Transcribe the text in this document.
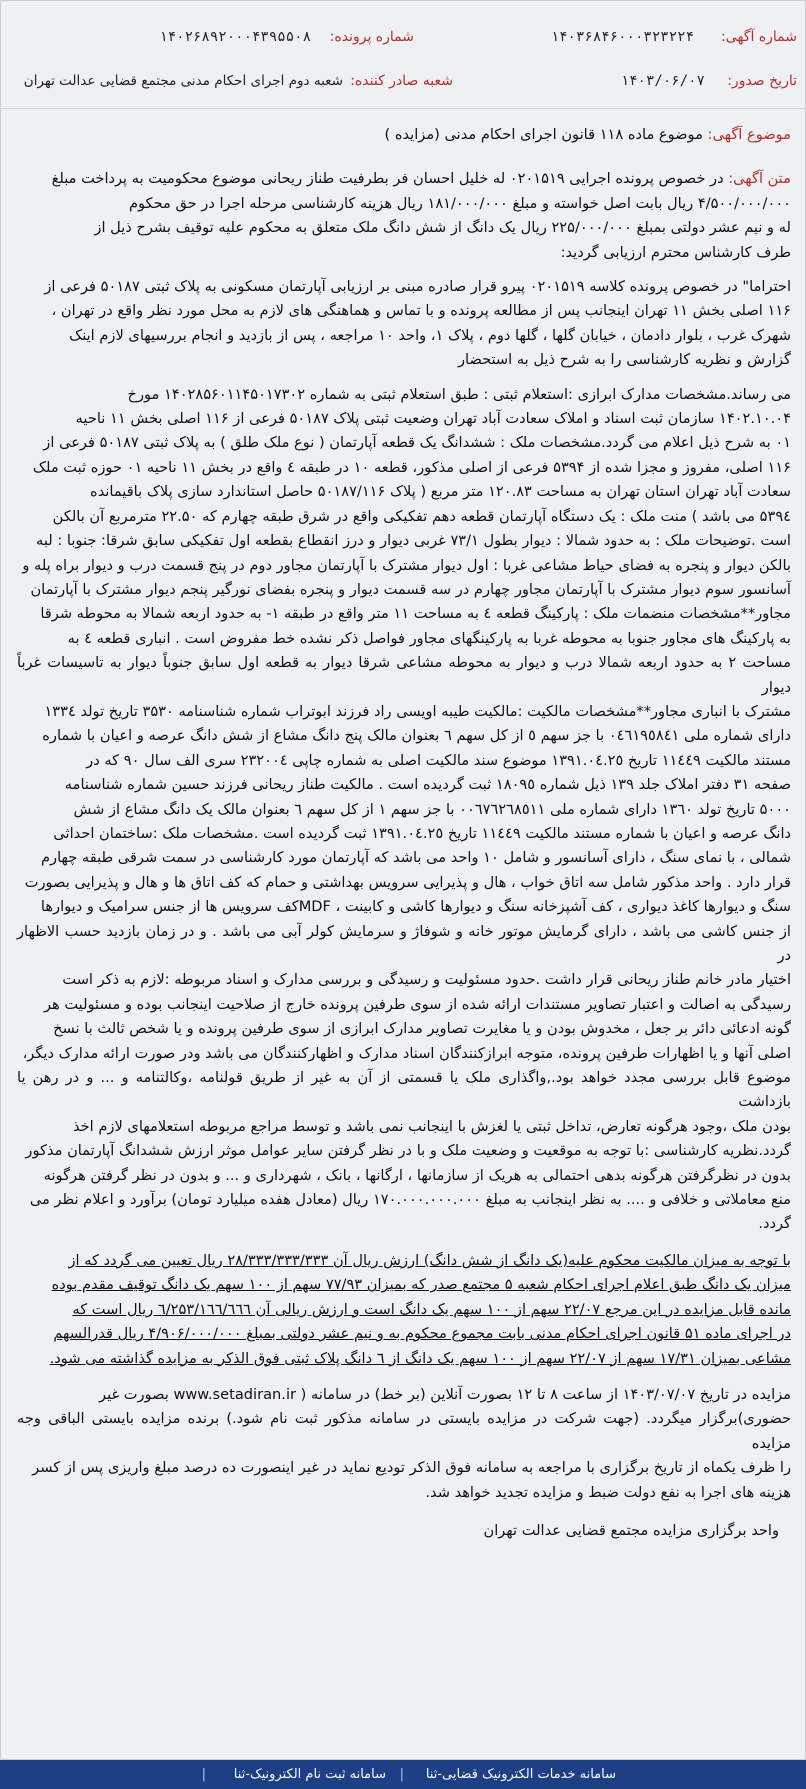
شماره آگهی:
۱۴۰۳۶۸۴۶۰۰۰۳۲۳۲۲۴
شماره پرونده:
۱۴۰۲۶۸۹۲۰۰۰۴۳۹۵۵۰۸
تاریخ صدور:
۱۴۰۳/۰۶/۰۷
شعبه صادر کننده:
شعبه دوم اجرای احکام مدنی مجتمع قضایی عدالت تهران

موضوع آگهی: موضوع ماده ۱۱۸ قانون اجرای احکام مدنی (مزایده )

متن آگهی: در خصوص پرونده اجرایی ۰۲۰۱۵۱۹ له خلیل احسان فر بطرفیت طناز ریحانی موضوع محکومیت به پرداخت مبلغ

۴/۵۰۰/۰۰۰/۰۰۰ ریال بابت اصل خواسته و مبلغ ۱۸۱/۰۰۰/۰۰۰ ریال هزینه کارشناسی مرحله اجرا در حق محکوم

له و نیم عشر دولتی بمبلغ ۲۲۵/۰۰۰/۰۰۰ ریال یک دانگ از شش دانگ ملک متعلق به محکوم علیه توقیف بشرح ذیل از

طرف کارشناس محترم ارزیابی گردید:

احتراما" در خصوص پرونده کلاسه ۰۲۰۱۵۱۹ پیرو قرار صادره مبنی بر ارزیابی آپارتمان مسکونی به پلاک ثبتی ۵۰۱۸۷ فرعی از

۱۱۶ اصلی بخش ۱۱ تهران اینجانب پس از مطالعه پرونده و با تماس و هماهنگی های لازم به محل مورد نظر واقع در تهران ،

شهرک غرب ، بلوار دادمان ، خیابان گلها ، گلها دوم ، پلاک ۱، واحد ۱۰ مراجعه ، پس از بازدید و انجام بررسیهای لازم اینک

گزارش و نظریه کارشناسی را به شرح ذیل به استحضار

می رساند.مشخصات مدارک ابرازی :استعلام ثبتی : طبق استعلام ثبتی به شماره ۱۴۰۲۸۵۶۰۱۱۴۵۰۱۷۳۰۲ مورخ

۱۴۰۲.۱۰.۰۴ سازمان ثبت اسناد و املاک سعادت آباد تهران وضعیت ثبتی پلاک ۵۰۱۸۷ فرعی از ۱۱۶ اصلی بخش ۱۱ ناحیه

۰۱ به شرح ذیل اعلام می گردد.مشخصات ملک : ششدانگ یک قطعه آپارتمان ( نوع ملک طلق ) به پلاک ثبتی ۵۰۱۸۷ فرعی از

۱۱۶ اصلی، مفروز و مجزا شده از ۵۳۹۴ فرعی از اصلی مذکور، قطعه ۱۰ در طبقه ٤ واقع در بخش ۱۱ ناحیه ۰۱ حوزه ثبت ملک

سعادت آباد تهران استان تهران به مساحت ۱۲۰.۸۳ متر مربع ( پلاک ۵۰۱۸۷/۱۱۶ حاصل استاندارد سازی پلاک باقیمانده

۵۳۹٤ می باشد ) منت ملک : یک دستگاه آپارتمان قطعه دهم تفکیکی واقع در شرق طبقه چهارم که ۲۲.۵۰ مترمربع آن بالکن

است .توضیحات ملک : به حدود شمالا : دیوار بطول ۷۳/۱ غربی دیوار و درز انقطاع بقطعه اول تفکیکی سابق شرقا: جنوبا : لبه

بالکن دیوار و پنجره به فضای حیاط مشاعی غربا : اول دیوار مشترک با آپارتمان مجاور دوم در پنج قسمت درب و دیوار براه پله و

آسانسور سوم دیوار مشترک با آپارتمان مجاور چهارم در سه قسمت دیوار و پنجره بفضای نورگیر پنجم دیوار مشترک با آپارتمان

مجاور**مشخصات منضمات ملک : پارکینگ قطعه ٤ به مساحت ۱۱ متر واقع در طبقه ۱- به حدود اربعه شمالا به محوطه شرقا

به پارکینگ های مجاور جنوبا به محوطه غربا به پارکینگهای مجاور فواصل ذکر نشده خط مفروض است . انباری قطعه ٤ به

مساحت ۲ به حدود اربعه شمالا درب و دیوار به محوطه مشاعی شرقا دیوار به قطعه اول سابق جنوباً دیوار به تاسیسات غرباً دیوار

مشترک با انباری مجاور**مشخصات مالکیت :مالکیت طیبه اویسی راد فرزند ابوتراب شماره شناسنامه ۳۵۳۰ تاریخ تولد ۱۳۳٤

دارای شماره ملی ۰٤٦١٩٥٨٤١ با جز سهم ٥ از کل سهم ٦ بعنوان مالک پنج دانگ مشاع از شش دانگ عرصه و اعیان با شماره

مستند مالکیت ۱۱٤٤٩ تاریخ ۱۳۹۱.۰٤.۲٥ موضوع سند مالکیت اصلی به شماره چاپی ۲۳۲۰۰٤ سری الف سال ۹۰ که در

صفحه ۳۱ دفتر املاک جلد ۱۳۹ ذیل شماره ۱۸۰۹٥ ثبت گردیده است . مالکیت طناز ریحانی فرزند حسین شماره شناسنامه

۵۰۰۰ تاریخ تولد ۱۳٦۰ دارای شماره ملی ۰۰٦٧٦٢٦٨٥۱۱ با جز سهم ۱ از کل سهم ٦ بعنوان مالک یک دانگ مشاع از شش

دانگ عرصه و اعیان با شماره مستند مالکیت ۱۱٤٤٩ تاریخ ۱۳۹۱.۰٤.۲٥ ثبت گردیده است .مشخصات ملک :ساختمان احداثی

شمالی ، با نمای سنگ ، دارای آسانسور و شامل ۱۰ واحد می باشد که آپارتمان مورد کارشناسی در سمت شرقی طبقه چهارم

قرار دارد . واحد مذکور شامل سه اتاق خواب ، هال و پذیرایی سرویس بهداشتی و حمام که کف اتاق ها و هال و پذیرایی بصورت

سنگ و دیوارها کاغذ دیواری ، کف آشپزخانه سنگ و دیوارها کاشی و کابینت ، MDFکف سرویس ها از جنس سرامیک و دیوارها

از جنس کاشی می باشد ، دارای گرمایش موتور خانه و شوفاژ و سرمایش کولر آبی می باشد . و در زمان بازدید حسب الاظهار در

اختیار مادر خانم طناز ریحانی قرار داشت .حدود مسئولیت و رسیدگی و بررسی مدارک و اسناد مربوطه :لازم به ذکر است

رسیدگی به اصالت و اعتبار تصاویر مستندات ارائه شده از سوی طرفین پرونده خارج از صلاحیت اینجانب بوده و مسئولیت هر

گونه ادعائی دائر بر جعل ، مخدوش بودن و یا مغایرت تصاویر مدارک ابرازی از سوی طرفین پرونده و یا شخص ثالث با نسخ

اصلی آنها و یا اظهارات طرفین پرونده، متوجه ابرازکنندگان اسناد مدارک و اظهارکنندگان می باشد ودر صورت ارائه مدارک دیگر،

موضوع قابل بررسی مجدد خواهد بود.,واگذاری ملک یا قسمتی از آن به غیر از طریق قولنامه ،وکالتنامه و ... و در رهن یا بازداشت

بودن ملک ،وجود هرگونه تعارض، تداخل ثبتی یا لغزش با اینجانب نمی باشد و توسط مراجع مربوطه استعلامهای لازم اخذ

گردد.نظریه کارشناسی :با توجه به موقعیت و وضعیت ملک و با در نظر گرفتن سایر عوامل موثر ارزش ششدانگ آپارتمان مذکور

بدون در نظرگرفتن هرگونه بدهی احتمالی به هریک از سازمانها ، ارگانها ، بانک ، شهرداری و ... و بدون در نظر گرفتن هرگونه

منع معاملاتی و خلافی و .... به نظر اینجانب به مبلغ ۱۷۰.۰۰۰.۰۰۰.۰۰۰ ریال (معادل هفده میلیارد تومان) برآورد و اعلام نظر می

گردد.

با توجه به میزان مالکیت محکوم علیه(یک دانگ از شش دانگ) ارزش ریال آن ۲۸/۳۳۳/۳۳۳/۳۳۳ ریال تعیین می گردد که از

میزان یک دانگ طبق اعلام اجرای احکام شعبه ۵ مجتمع صدر که بمیزان ۷۷/۹۳ سهم از ۱۰۰ سهم یک دانگ توقیف مقدم بوده

مانده قابل مزایده در این مرجع ۲۲/۰۷ سهم از ۱۰۰ سهم یک دانگ است و ارزش ریالی آن ٦/۲۵۳/۱٦٦/٦٦٦ ریال است که

در اجرای ماده ۵۱ قانون اجرای احکام مدنی بابت مجموع محکوم به و نیم عشر دولتی بمبلغ ۴/۹۰۶/۰۰۰/۰۰۰ ریال قدرالسهم

مشاعی بمیزان ۱۷/۳۱ سهم از ۲۲/۰۷ سهم از ۱۰۰ سهم یک دانگ از ٦ دانگ پلاک ثبتی فوق الذکر به مزایده گذاشته می شود.

مزایده در تاریخ ۱۴۰۳/۰۷/۰۷ از ساعت ۸ تا ۱۲ بصورت آنلاین (بر خط) در سامانه ( www.setadiran.ir بصورت غیر

حضوری)برگزار میگردد. (جهت شرکت در مزایده بایستی در سامانه مذکور ثبت نام شود.) برنده مزایده بایستی الباقی وجه مزایده

را ظرف یکماه از تاریخ برگزاری با مراجعه به سامانه فوق الذکر تودیع نماید در غیر اینصورت ده درصد مبلغ واریزی پس از کسر

هزینه های اجرا به نفع دولت ضبط و مزایده تجدید خواهد شد.

واحد برگزاری مزایده مجتمع قضایی عدالت تهران

سامانه خدمات الکترونیک قضایی-ثنا
|
سامانه ثبت نام الکترونیک-ثنا
|
